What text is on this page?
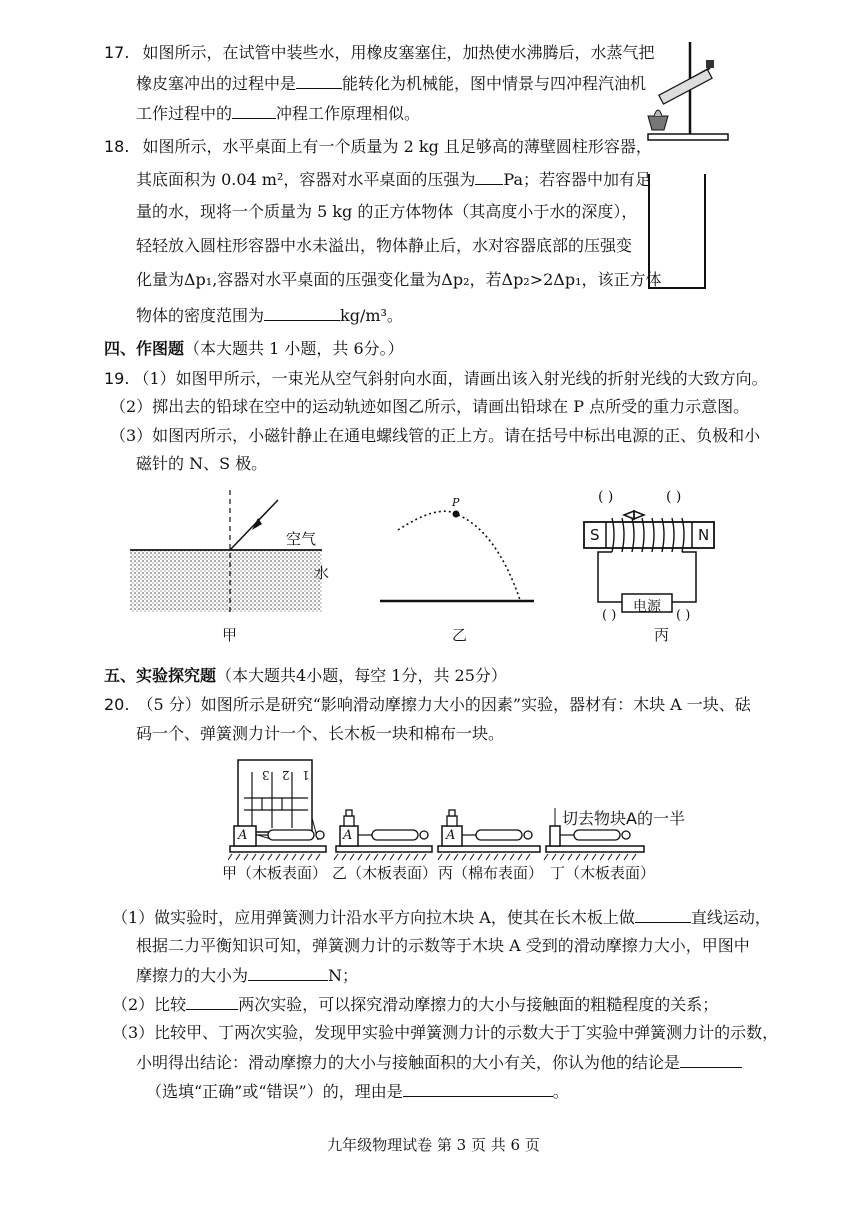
17. 如图所示，在试管中装些水，用橡皮塞塞住，加热使水沸腾后，水蒸气把
橡皮塞冲出的过程中是	能转化为机械能，图中情景与四冲程汽油机
工作过程中的	冲程工作原理相似。
18. 如图所示，水平桌面上有一个质量为 2 kg 且足够高的薄壁圆柱形容器，
其底面积为 0.04 m²，容器对水平桌面的压强为 Pa；若容器中加有足
量的水，现将一个质量为 5 kg 的正方体物体（其高度小于水的深度），
轻轻放入圆柱形容器中水未溢出，物体静止后，水对容器底部的压强变
化量为Δp₁,容器对水平桌面的压强变化量为Δp₂，若Δp₂>2Δp₁，该正方体
物体的密度范围为	kg/m³。
四、作图题（本大题共 1 小题，共 6分。）
19. （1）如图甲所示，一束光从空气斜射向水面，请画出该入射光线的折射光线的大致方向。
（2）掷出去的铅球在空中的运动轨迹如图乙所示，请画出铅球在 P 点所受的重力示意图。
（3）如图丙所示，小磁针静止在通电螺线管的正上方。请在括号中标出电源的正、负极和小
磁针的 N、S 极。
空气
水
甲
P
乙
( )	( )
S	N
电源
( )	( )
丙
五、实验探究题（本大题共4小题，每空 1分，共 25分）
20. （5 分）如图所示是研究“影响滑动摩擦力大小的因素”实验，器材有：木块 A 一块、砝
码一个、弹簧测力计一个、长木板一块和棉布一块。
1
2
3
A	A	A
切去物块A的一半
甲（木板表面） 乙（木板表面） 丙（棉布表面） 丁（木板表面）
（1）做实验时，应用弹簧测力计沿水平方向拉木块 A，使其在长木板上做	直线运动，
根据二力平衡知识可知，弹簧测力计的示数等于木块 A 受到的滑动摩擦力大小，甲图中
摩擦力的大小为	N；
（2）比较	两次实验，可以探究滑动摩擦力的大小与接触面的粗糙程度的关系；
（3）比较甲、丁两次实验，发现甲实验中弹簧测力计的示数大于丁实验中弹簧测力计的示数，
小明得出结论：滑动摩擦力的大小与接触面积的大小有关，你认为他的结论是
（选填“正确”或“错误”）的，理由是	。
九年级物理试卷 第 3 页 共 6 页
